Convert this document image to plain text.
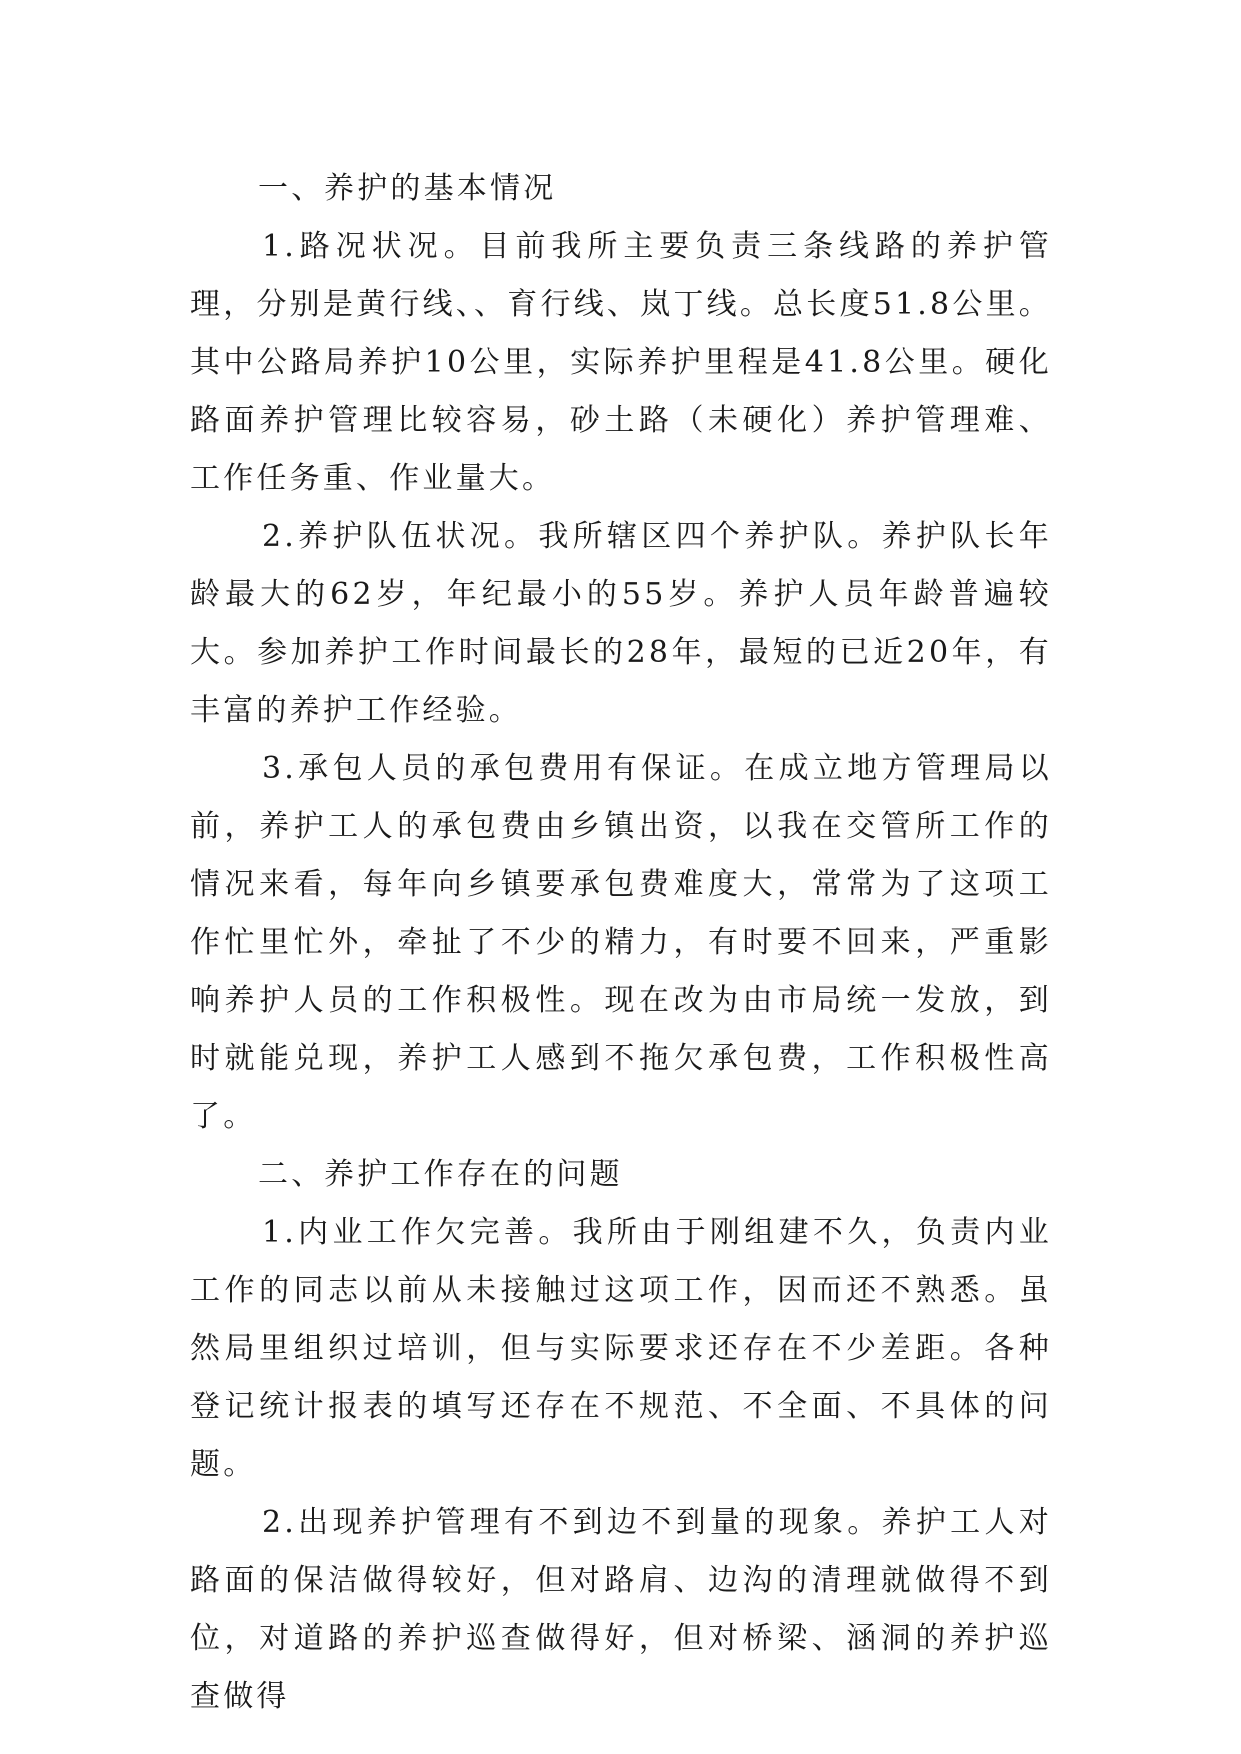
一、养护的基本情况

1.路况状况。目前我所主要负责三条线路的养护管理，分别是黄行线、、育行线、岚丁线。总长度51.8公里。其中公路局养护10公里，实际养护里程是41.8公里。硬化路面养护管理比较容易，砂土路（未硬化）养护管理难、工作任务重、作业量大。

2.养护队伍状况。我所辖区四个养护队。养护队长年龄最大的62岁，年纪最小的55岁。养护人员年龄普遍较大。参加养护工作时间最长的28年，最短的已近20年，有丰富的养护工作经验。

3.承包人员的承包费用有保证。在成立地方管理局以前，养护工人的承包费由乡镇出资，以我在交管所工作的情况来看，每年向乡镇要承包费难度大，常常为了这项工作忙里忙外，牵扯了不少的精力，有时要不回来，严重影响养护人员的工作积极性。现在改为由市局统一发放，到时就能兑现，养护工人感到不拖欠承包费，工作积极性高了。

二、养护工作存在的问题

1.内业工作欠完善。我所由于刚组建不久，负责内业工作的同志以前从未接触过这项工作，因而还不熟悉。虽然局里组织过培训，但与实际要求还存在不少差距。各种登记统计报表的填写还存在不规范、不全面、不具体的问题。

2.出现养护管理有不到边不到量的现象。养护工人对路面的保洁做得较好，但对路肩、边沟的清理就做得不到位，对道路的养护巡查做得好，但对桥梁、涵洞的养护巡查做得
